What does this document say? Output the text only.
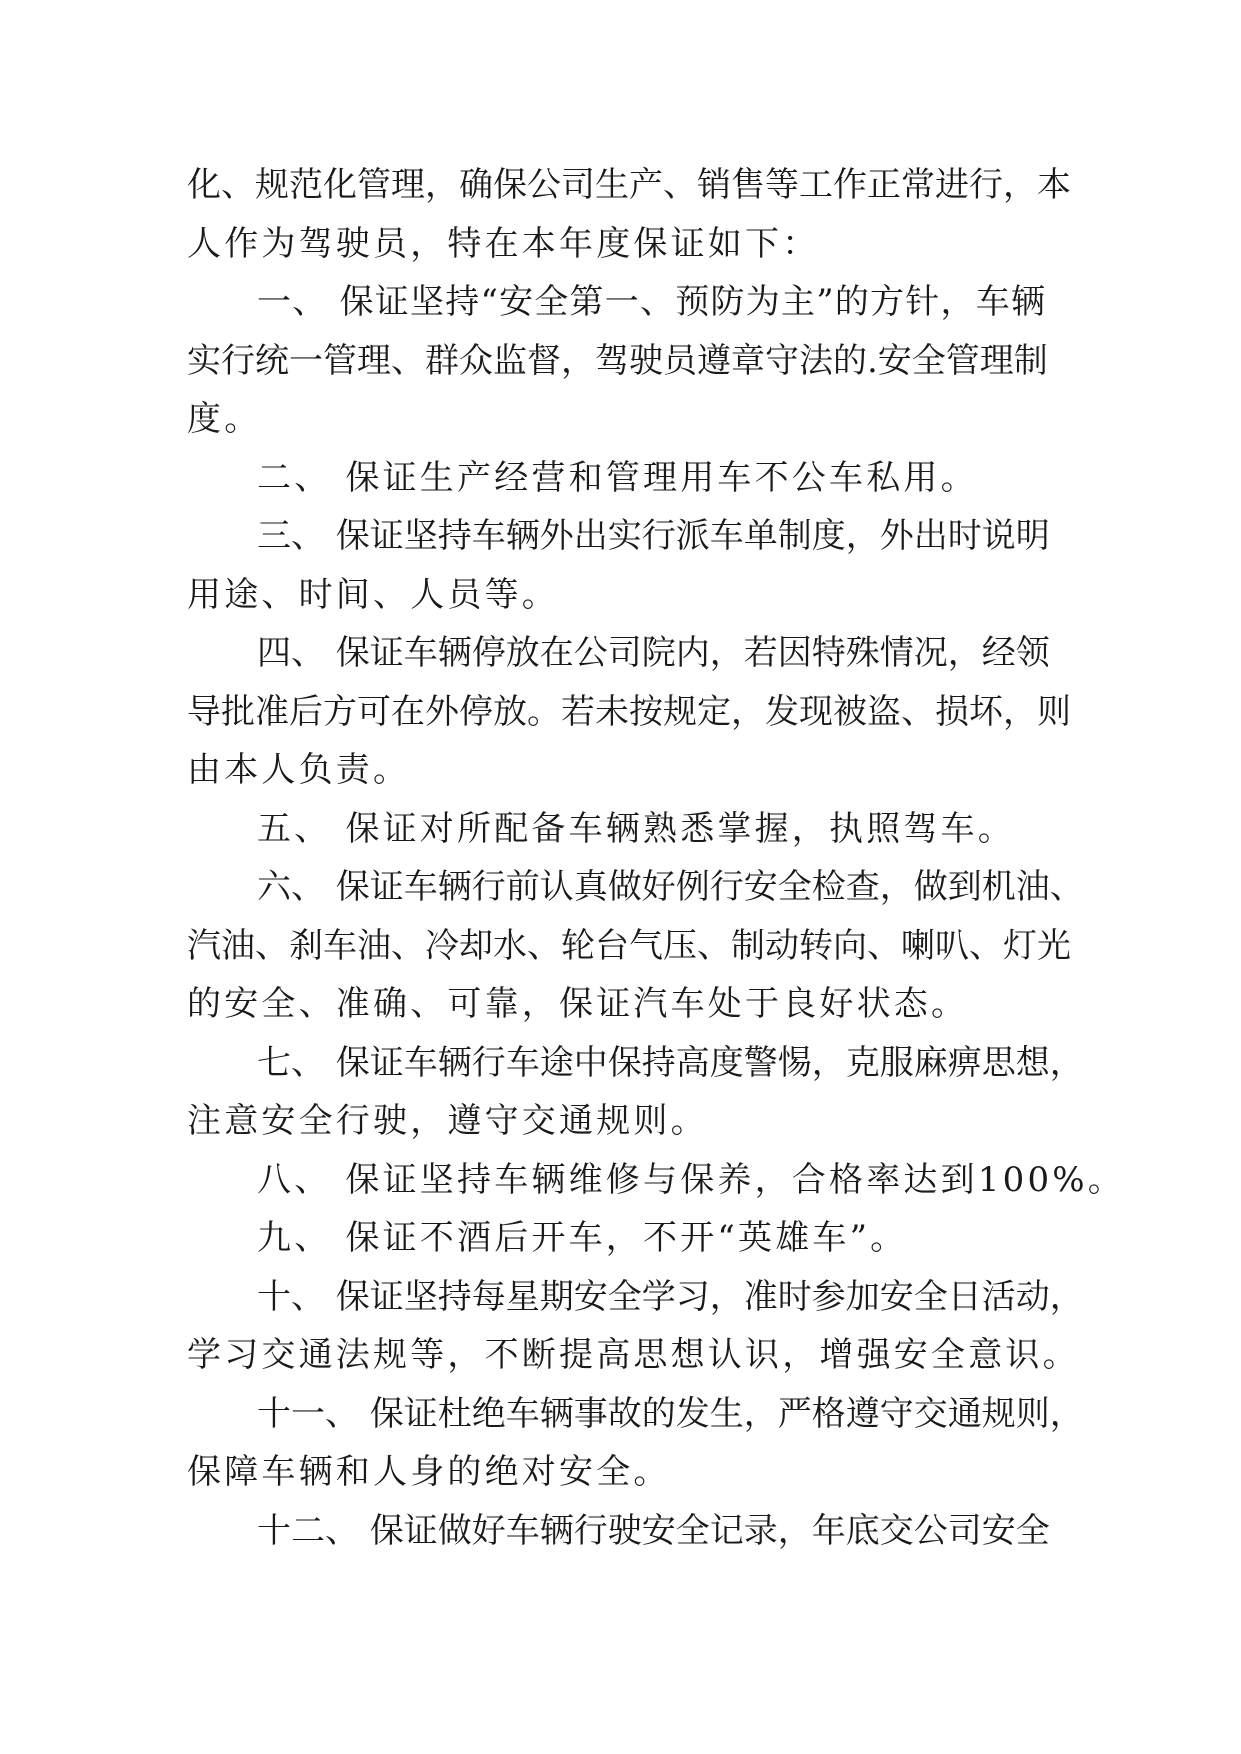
化、规范化管理，确保公司生产、销售等工作正常进行，本
人作为驾驶员，特在本年度保证如下：
一、 保证坚持“安全第一、预防为主”的方针，车辆
实行统一管理、群众监督，驾驶员遵章守法的.安全管理制
度。
二、 保证生产经营和管理用车不公车私用。
三、 保证坚持车辆外出实行派车单制度，外出时说明
用途、时间、人员等。
四、 保证车辆停放在公司院内，若因特殊情况，经领
导批准后方可在外停放。若未按规定，发现被盗、损坏，则
由本人负责。
五、 保证对所配备车辆熟悉掌握，执照驾车。
六、 保证车辆行前认真做好例行安全检查，做到机油、
汽油、刹车油、冷却水、轮台气压、制动转向、喇叭、灯光
的安全、准确、可靠，保证汽车处于良好状态。
七、 保证车辆行车途中保持高度警惕，克服麻痹思想，
注意安全行驶，遵守交通规则。
八、 保证坚持车辆维修与保养，合格率达到100%。
九、 保证不酒后开车，不开“英雄车”。
十、 保证坚持每星期安全学习，准时参加安全日活动，
学习交通法规等，不断提高思想认识，增强安全意识。
十一、 保证杜绝车辆事故的发生，严格遵守交通规则，
保障车辆和人身的绝对安全。
十二、 保证做好车辆行驶安全记录，年底交公司安全
